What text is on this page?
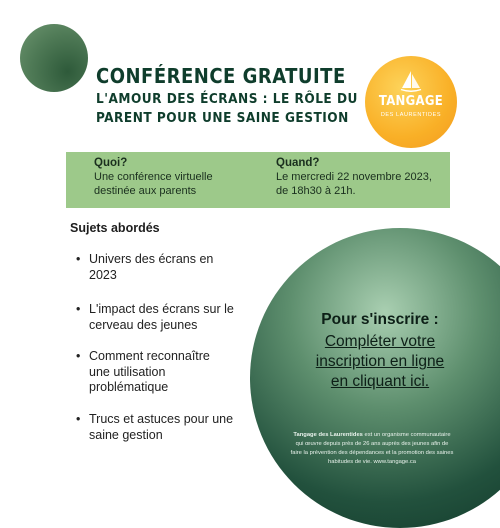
CONFÉRENCE GRATUITE
L'AMOUR DES ÉCRANS : LE RÔLE DU
PARENT POUR UNE SAINE GESTION
TANGAGE
DES LAURENTIDES
Quoi?
Une conférence virtuelle
destinée aux parents
Quand?
Le mercredi 22 novembre 2023,
de 18h30 à 21h.
Sujets abordés
• Univers des écrans en
2023
• L'impact des écrans sur le
cerveau des jeunes
• Comment reconnaître
une utilisation
problématique
• Trucs et astuces pour une
saine gestion
Pour s'inscrire :
Compléter votre
inscription en ligne
en cliquant ici.
Tangage des Laurentides est un organisme communautaire
qui œuvre depuis près de 26 ans auprès des jeunes afin de
faire la prévention des dépendances et la promotion des saines
habitudes de vie. www.tangage.ca
